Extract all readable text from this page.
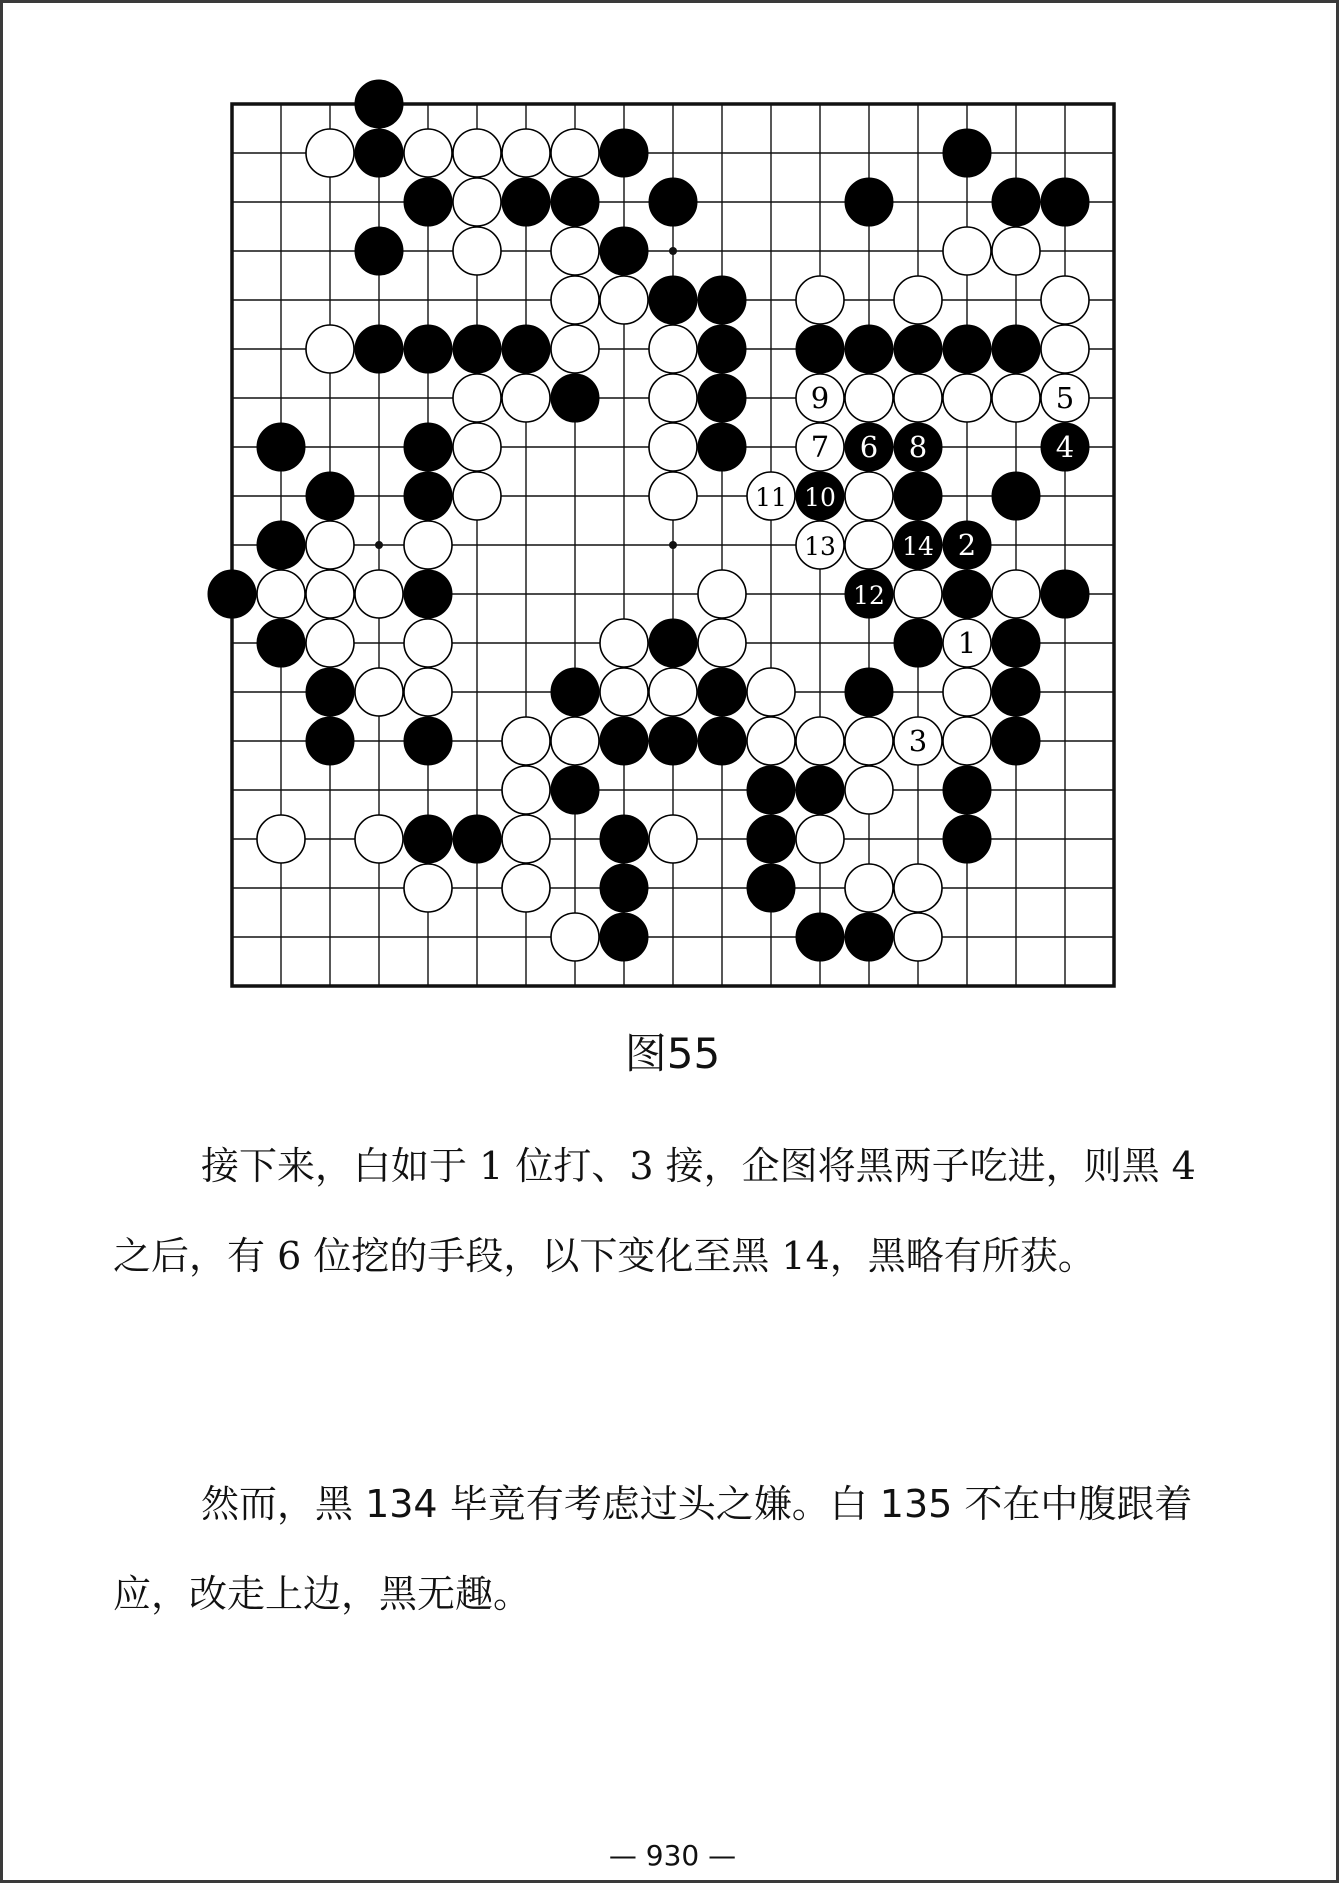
1
2
3
4
5
6
7	8
9
10
11
12
13	14
图55

接下来，白如于 1 位打、3 接，企图将黑两子吃进，则黑 4 之后，有 6 位挖的手段，以下变化至黑 14，黑略有所获。

然而，黑 134 毕竟有考虑过头之嫌。白 135 不在中腹跟着应，改走上边，黑无趣。

— 930 —
